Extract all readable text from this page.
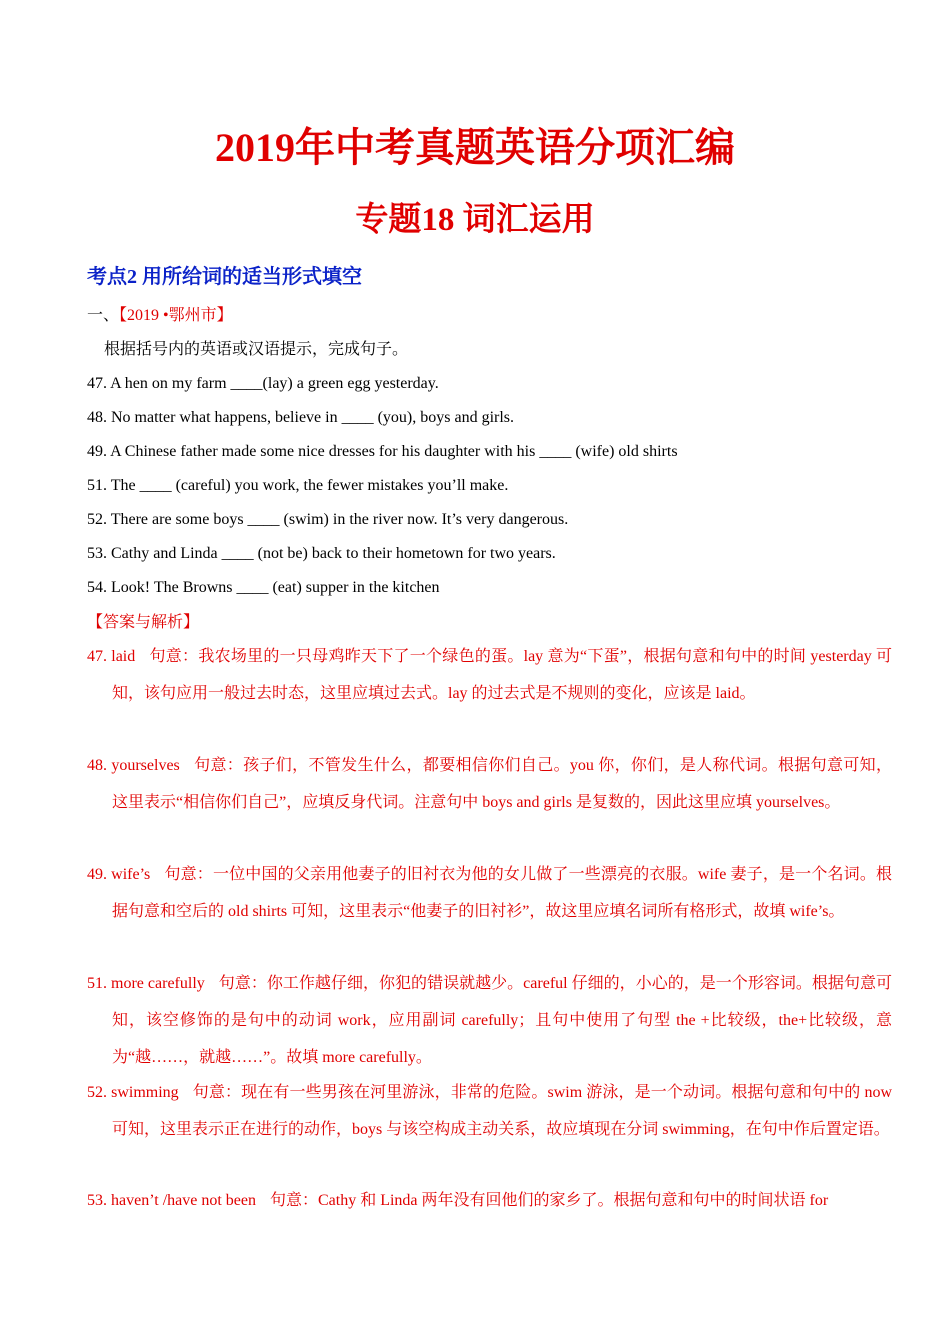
2019年中考真题英语分项汇编
专题18 词汇运用
考点2 用所给词的适当形式填空
一、【2019 •鄂州市】
根据括号内的英语或汉语提示，完成句子。
47. A hen on my farm ____(lay) a green egg yesterday.
48. No matter what happens, believe in ____ (you), boys and girls.
49. A Chinese father made some nice dresses for his daughter with his ____ (wife) old shirts
51. The ____ (careful) you work, the fewer mistakes you’ll make.
52. There are some boys ____ (swim) in the river now. It’s very dangerous.
53. Cathy and Linda ____ (not be) back to their hometown for two years.
54. Look! The Browns ____ (eat) supper in the kitchen
【答案与解析】
47. laid 句意：我农场里的一只母鸡昨天下了一个绿色的蛋。lay 意为“下蛋”，根据句意和句中的时间 yesterday 可知，该句应用一般过去时态，这里应填过去式。lay 的过去式是不规则的变化，应该是 laid。
48. yourselves 句意：孩子们，不管发生什么，都要相信你们自己。you 你，你们，是人称代词。根据句意可知，这里表示“相信你们自己”，应填反身代词。注意句中 boys and girls 是复数的，因此这里应填 yourselves。
49. wife’s 句意：一位中国的父亲用他妻子的旧衬衣为他的女儿做了一些漂亮的衣服。wife 妻子，是一个名词。根据句意和空后的 old shirts 可知，这里表示“他妻子的旧衬衫”，故这里应填名词所有格形式，故填 wife’s。
51. more carefully 句意：你工作越仔细，你犯的错误就越少。careful 仔细的，小心的，是一个形容词。根据句意可知，该空修饰的是句中的动词 work，应用副词 carefully；且句中使用了句型 the +比较级，the+比较级，意为“越……，就越……”。故填 more carefully。
52. swimming 句意：现在有一些男孩在河里游泳，非常的危险。swim 游泳，是一个动词。根据句意和句中的 now 可知，这里表示正在进行的动作，boys 与该空构成主动关系，故应填现在分词 swimming，在句中作后置定语。
53. haven’t /have not been 句意：Cathy 和 Linda 两年没有回他们的家乡了。根据句意和句中的时间状语 for
